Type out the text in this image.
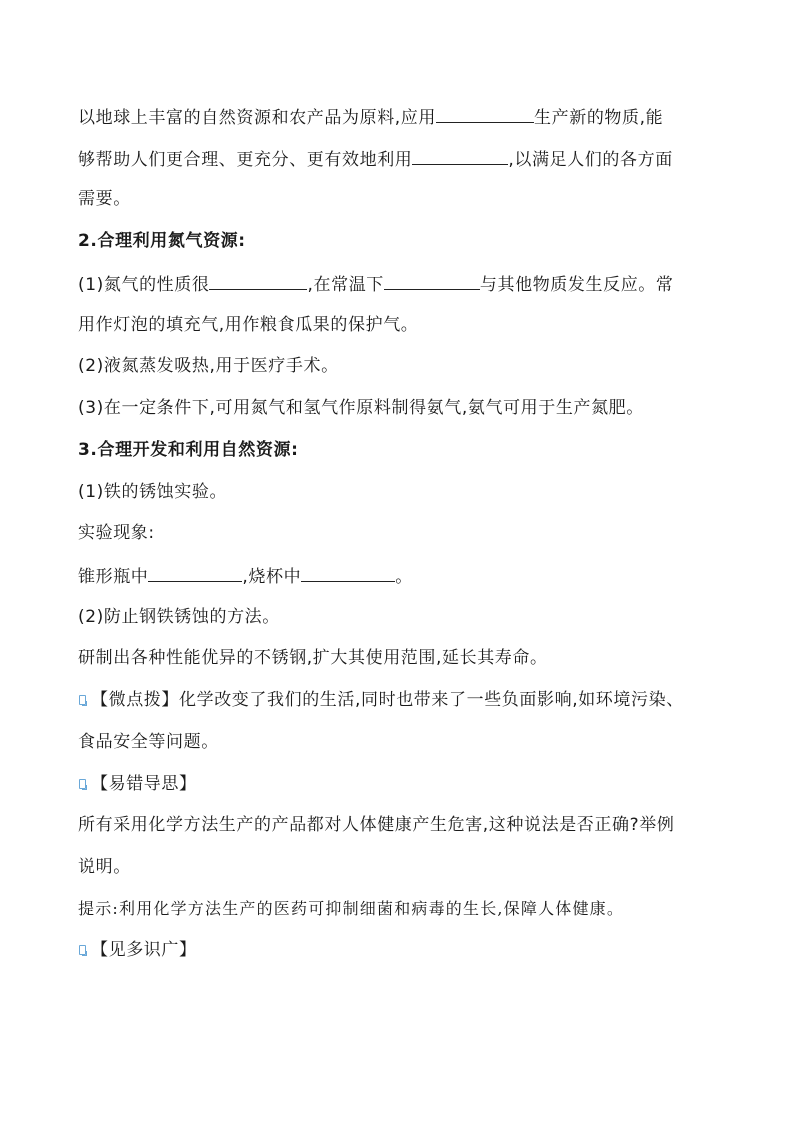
以地球上丰富的自然资源和农产品为原料,应用	生产新的物质,能
够帮助人们更合理、更充分、更有效地利用	,以满足人们的各方面
需要。
2.合理利用氮气资源:
(1)氮气的性质很	,在常温下	与其他物质发生反应。常
用作灯泡的填充气,用作粮食瓜果的保护气。
(2)液氮蒸发吸热,用于医疗手术。
(3)在一定条件下,可用氮气和氢气作原料制得氨气,氨气可用于生产氮肥。
3.合理开发和利用自然资源:
(1)铁的锈蚀实验。
实验现象:
锥形瓶中	,烧杯中	。
(2)防止钢铁锈蚀的方法。
研制出各种性能优异的不锈钢,扩大其使用范围,延长其寿命。
【微点拨】化学改变了我们的生活,同时也带来了一些负面影响,如环境污染、
食品安全等问题。
【易错导思】
所有采用化学方法生产的产品都对人体健康产生危害,这种说法是否正确?举例
说明。
提示:利用化学方法生产的医药可抑制细菌和病毒的生长,保障人体健康。
【见多识广】
